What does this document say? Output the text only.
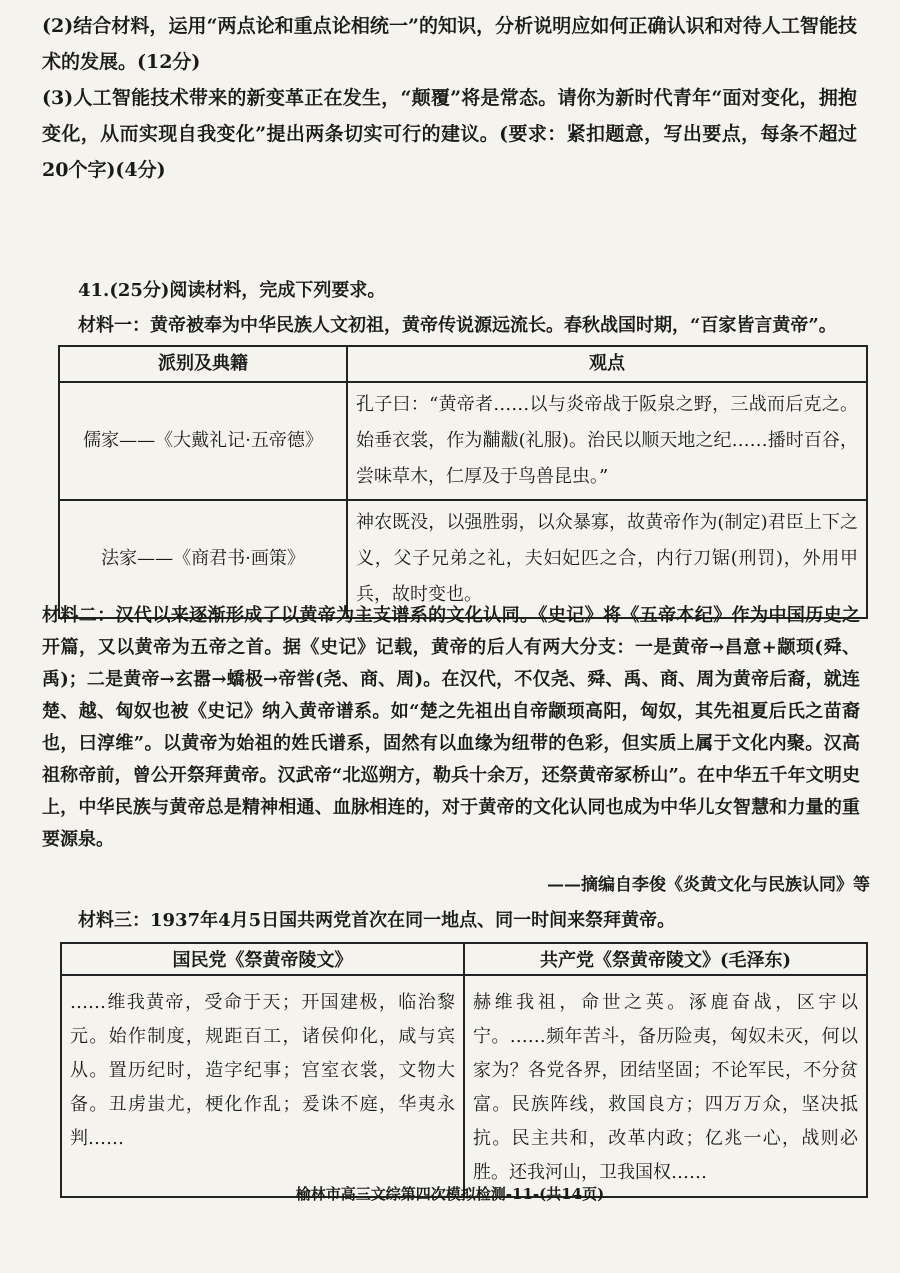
(2)结合材料，运用“两点论和重点论相统一”的知识，分析说明应如何正确认识和对待人工智能技术的发展。(12分)

(3)人工智能技术带来的新变革正在发生，“颠覆”将是常态。请你为新时代青年“面对变化，拥抱变化，从而实现自我变化”提出两条切实可行的建议。(要求：紧扣题意，写出要点，每条不超过20个字)(4分)

41.(25分)阅读材料，完成下列要求。
材料一：黄帝被奉为中华民族人文初祖，黄帝传说源远流长。春秋战国时期，“百家皆言黄帝”。
派别及典籍	观点
儒家——《大戴礼记·五帝德》	孔子曰：“黄帝者……以与炎帝战于阪泉之野，三战而后克之。始垂衣裳，作为黼黻(礼服)。治民以顺天地之纪……播时百谷，尝味草木，仁厚及于鸟兽昆虫。”
法家——《商君书·画策》	神农既没，以强胜弱，以众暴寡，故黄帝作为(制定)君臣上下之义，父子兄弟之礼，夫妇妃匹之合，内行刀锯(刑罚)，外用甲兵，故时变也。

材料二：汉代以来逐渐形成了以黄帝为主支谱系的文化认同。《史记》将《五帝本纪》作为中国历史之开篇，又以黄帝为五帝之首。据《史记》记载，黄帝的后人有两大分支：一是黄帝→昌意+颛顼(舜、禹)；二是黄帝→玄嚣→蟜极→帝喾(尧、商、周)。在汉代，不仅尧、舜、禹、商、周为黄帝后裔，就连楚、越、匈奴也被《史记》纳入黄帝谱系。如“楚之先祖出自帝颛顼高阳，匈奴，其先祖夏后氏之苗裔也，曰淳维”。以黄帝为始祖的姓氏谱系，固然有以血缘为纽带的色彩，但实质上属于文化内聚。汉高祖称帝前，曾公开祭拜黄帝。汉武帝“北巡朔方，勒兵十余万，还祭黄帝冢桥山”。在中华五千年文明史上，中华民族与黄帝总是精神相通、血脉相连的，对于黄帝的文化认同也成为中华儿女智慧和力量的重要源泉。

——摘编自李俊《炎黄文化与民族认同》等
材料三：1937年4月5日国共两党首次在同一地点、同一时间来祭拜黄帝。
国民党《祭黄帝陵文》	共产党《祭黄帝陵文》(毛泽东)
……维我黄帝，受命于天；开国建极，临治黎元。始作制度，规距百工，诸侯仰化，咸与宾从。置历纪时，造字纪事；宫室衣裳，文物大备。丑虏蚩尤，梗化作乱；爰诛不庭，华夷永判……	赫维我祖，命世之英。涿鹿奋战，区宇以宁。……频年苦斗，备历险夷，匈奴未灭，何以家为？各党各界，团结坚固；不论军民，不分贫富。民族阵线，救国良方；四万万众，坚决抵抗。民主共和，改革内政；亿兆一心，战则必胜。还我河山，卫我国权……
榆林市高三文综第四次模拟检测-11-(共14页)
